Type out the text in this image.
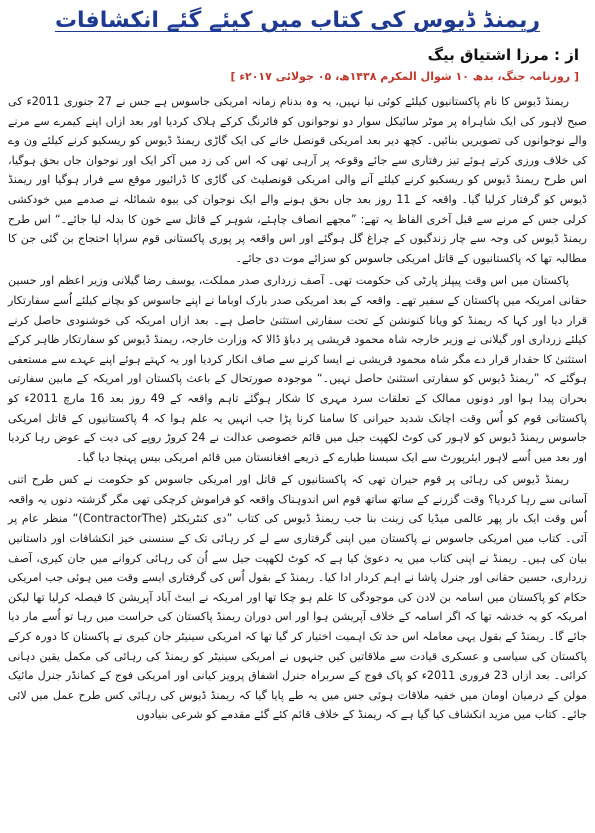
ریمنڈ ڈیوس کی کتاب میں کیئے گئے انکشافات
از : مرزا اشتیاق بیگ
[ روزنامہ جنگ، بدھ ۱۰ شوال المکرم ۱۴۳۸ھ، ۰۵ جولائی ۲۰۱۷ء ]

ریمنڈ ڈیوس کا نام پاکستانیوں کیلئے کوئی نیا نہیں، یہ وہ بدنام زمانہ امریکی جاسوس ہے جس نے 27 جنوری 2011ء کی صبح لاہور کی ایک شاہراہ پر موٹر سائیکل سوار دو نوجوانوں کو فائرنگ کرکے ہلاک کردیا اور بعد ازاں اپنے کیمرے سے مرنے والے نوجوانوں کی تصویریں بنائیں۔ کچھ دیر بعد امریکی قونصل خانے کی ایک گاڑی ریمنڈ ڈیوس کو ریسکیو کرنے کیلئے ون وے کی خلاف ورزی کرتے ہوئے تیز رفتاری سے جائے وقوعہ پر آرہی تھی کہ اس کی زد میں آکر ایک اور نوجوان جاں بحق ہوگیا، اس طرح ریمنڈ ڈیوس کو ریسکیو کرنے کیلئے آنے والی امریکی قونصلیٹ کی گاڑی کا ڈرائیور موقع سے فرار ہوگیا اور ریمنڈ ڈیوس کو گرفتار کرلیا گیا۔ واقعہ کے 11 روز بعد جاں بحق ہونے والے ایک نوجوان کی بیوہ شمائلہ نے صدمے میں خودکشی کرلی جس کے مرنے سے قبل آخری الفاظ یہ تھے: ”مجھے انصاف چاہئے، شوہر کے قاتل سے خون کا بدلہ لیا جائے۔“ اس طرح ریمنڈ ڈیوس کی وجہ سے چار زندگیوں کے چراغ گل ہوگئے اور اس واقعہ پر پوری پاکستانی قوم سراپا احتجاج بن گئی جن کا مطالبہ تھا کہ پاکستانیوں کے قاتل امریکی جاسوس کو سزائے موت دی جائے۔

پاکستان میں اس وقت پیپلز پارٹی کی حکومت تھی۔ آصف زرداری صدر مملکت، یوسف رضا گیلانی وزیر اعظم اور حسین حقانی امریکہ میں پاکستان کے سفیر تھے۔ واقعہ کے بعد امریکی صدر بارک اوباما نے اپنے جاسوس کو بچانے کیلئے اُسے سفارتکار قرار دیا اور کہا کہ ریمنڈ کو ویانا کنونشن کے تحت سفارتی استثنیٰ حاصل ہے۔ بعد ازاں امریکہ کی خوشنودی حاصل کرنے کیلئے زرداری اور گیلانی نے وزیر خارجہ شاہ محمود قریشی پر دباؤ ڈالا کہ وزارت خارجہ، ریمنڈ ڈیوس کو سفارتکار ظاہر کرکے استثنیٰ کا حقدار قرار دے مگر شاہ محمود قریشی نے ایسا کرنے سے صاف انکار کردیا اور یہ کہتے ہوئے اپنے عہدے سے مستعفی ہوگئے کہ ”ریمنڈ ڈیوس کو سفارتی استثنیٰ حاصل نہیں۔“ موجودہ صورتحال کے باعث پاکستان اور امریکہ کے مابین سفارتی بحران پیدا ہوا اور دونوں ممالک کے تعلقات سرد مہری کا شکار ہوگئے تاہم واقعہ کے 49 روز بعد 16 مارچ 2011ء کو پاکستانی قوم کو اُس وقت اچانک شدید حیرانی کا سامنا کرنا پڑا جب انہیں یہ علم ہوا کہ 4 پاکستانیوں کے قاتل امریکی جاسوس ریمنڈ ڈیوس کو لاہور کی کوٹ لکھپت جیل میں قائم خصوصی عدالت نے 24 کروڑ روپے کی دیت کے عوض رہا کردیا اور بعد میں اُسے لاہور ایئرپورٹ سے ایک سیسنا طیارے کے ذریعے افغانستان میں قائم امریکی بیس پہنچا دیا گیا۔

ریمنڈ ڈیوس کی رہائی پر قوم حیران تھی کہ پاکستانیوں کے قاتل اور امریکی جاسوس کو حکومت نے کس طرح اتنی آسانی سے رہا کردیا؟ وقت گزرنے کے ساتھ ساتھ قوم اس اندوہناک واقعہ کو فراموش کرچکی تھی مگر گزشتہ دنوں یہ واقعہ اُس وقت ایک بار پھر عالمی میڈیا کی زینت بنا جب ریمنڈ ڈیوس کی کتاب ”دی کنٹریکٹر (ContractorThe)“ منظر عام پر آئی۔ کتاب میں امریکی جاسوس نے پاکستان میں اپنی گرفتاری سے لے کر رہائی تک کے سنسنی خیز انکشافات اور داستانیں بیان کی ہیں۔ ریمنڈ نے اپنی کتاب میں یہ دعویٰ کیا ہے کہ کوٹ لکھپت جیل سے اُن کی رہائی کروانے میں جان کیری، آصف زرداری، حسین حقانی اور جنرل پاشا نے اہم کردار ادا کیا۔ ریمنڈ کے بقول اُس کی گرفتاری ایسے وقت میں ہوئی جب امریکی حکام کو پاکستان میں اسامہ بن لادن کی موجودگی کا علم ہو چکا تھا اور امریکہ نے ایبٹ آباد آپریشن کا فیصلہ کرلیا تھا لیکن امریکہ کو یہ خدشہ تھا کہ اگر اسامہ کے خلاف آپریشن ہوا اور اس دوران ریمنڈ پاکستان کی حراست میں رہا تو اُسے مار دیا جائے گا۔ ریمنڈ کے بقول یہی معاملہ اس حد تک اہمیت اختیار کر گیا تھا کہ امریکی سینیٹر جان کیری نے پاکستان کا دورہ کرکے پاکستان کی سیاسی و عسکری قیادت سے ملاقاتیں کیں جنہوں نے امریکی سینیٹر کو ریمنڈ کی رہائی کی مکمل یقین دہانی کرائی۔ بعد ازاں 23 فروری 2011ء کو پاک فوج کے سربراہ جنرل اشفاق پرویز کیانی اور امریکی فوج کے کمانڈر جنرل مائیک مولن کے درمیان اومان میں خفیہ ملاقات ہوئی جس میں یہ طے پایا گیا کہ ریمنڈ ڈیوس کی رہائی کس طرح عمل میں لائی جائے۔ کتاب میں مزید انکشاف کیا گیا ہے کہ ریمنڈ کے خلاف قائم کئے گئے مقدمے کو شرعی بنیادوں
